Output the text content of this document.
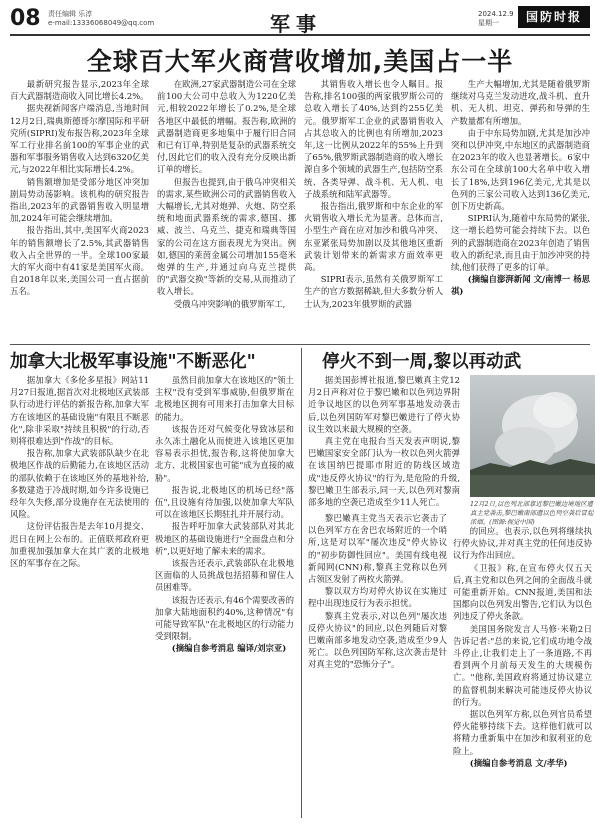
08 责任编辑 乐淳
e-mail:13336068049@qq.com	军事	2024.12.9
星期一	国防时报
全球百大军火商营收增加,美国占一半

最新研究报告显示,2023年全球百大武器制造商收入同比增长4.2%。

据央视新闻客户端消息,当地时间12月2日,瑞典斯德哥尔摩国际和平研究所(SIPRI)发布报告称,2023年全球军工行业排名前100的军事企业的武器和军事服务销售收入达到6320亿美元,与2022年相比实际增长4.2%。

销售额增加是受部分地区冲突加剧局势动荡影响。该机构的研究报告指出,2023年的武器销售收入明显增加,2024年可能会继续增加。

报告指出,其中,美国军火商2023年的销售额增长了2.5%,其武器销售收入占全世界的一半。全球100家最大的军火商中有41家是美国军火商。自2018年以来,美国公司一直占据前五名。

在欧洲,27家武器制造公司在全球前100大公司中总收入为1220亿美元,相较2022年增长了0.2%,是全球各地区中最低的增幅。报告称,欧洲的武器制造商更多地集中于履行旧合同和已有订单,特别是复杂的武器系统交付,因此它们的收入没有充分反映出新订单的增长。

但报告也提到,由于俄乌冲突相关的需求,某些欧洲公司的武器销售收入大幅增长,尤其对炮弹、火炮、防空系统和地面武器系统的需求,德国、挪威、波兰、乌克兰、捷克和瑞典等国家的公司在这方面表现尤为突出。例如,德国的莱茵金属公司增加155毫米炮弹的生产,并通过向乌克兰提供的"武器交换"等新的交易,从而推动了收入增长。

受俄乌冲突影响的俄罗斯军工,

其销售收入增长也令人瞩目。报告称,排名100强的两家俄罗斯公司的总收入增长了40%,达到约255亿美元。俄罗斯军工企业的武器销售收入占其总收入的比例也有所增加,2023年,这一比例从2022年的55%上升到了65%,俄罗斯武器制造商的收入增长源自多个领域的武器生产,包括防空系统、各类导弹、战斗机、无人机、电子战系统和陆军武器等。

报告指出,俄罗斯和中东企业的军火销售收入增长尤为显著。总体而言,小型生产商在应对加沙和俄乌冲突、东亚紧张局势加剧以及其他地区重新武装计划带来的新需求方面效率更高。

SIPRI表示,虽然有关俄罗斯军工生产的官方数据稀缺,但大多数分析人士认为,2023年俄罗斯的武器

生产大幅增加,尤其是随着俄罗斯继续对乌克兰发动进攻,战斗机、直升机、无人机、坦克、弹药和导弹的生产数量都有所增加。

由于中东局势加剧,尤其是加沙冲突和以伊冲突,中东地区的武器制造商在2023年的收入也显著增长。6家中东公司在全球前100大名单中收入增长了18%,达到196亿美元,尤其是以色列的三家公司收入达到136亿美元,创下历史新高。

SIPRI认为,随着中东局势的紧张,这一增长趋势可能会持续下去。以色列的武器制造商在2023年创造了销售收入的新纪录,而且由于加沙冲突的持续,他们获得了更多的订单。

(摘编自澎湃新闻 文/南博一 杨思祺)

加拿大北极军事设施"不断恶化"	停火不到一周,黎以再动武

据加拿大《多伦多星报》网站11月27日报道,据首次对北极地区武装部队行动进行评估的新报告称,加拿大军方在该地区的基础设施"有限且不断恶化",除非采取"持续且积极"的行动,否则将很难达到"作战"的目标。

报告称,加拿大武装部队缺少在北极地区作战的后勤能力,在该地区活动的部队依赖于在该地区外的基地补给,多数建造于冷战时期,如今许多设施已经年久失修,部分设施存在无法使用的风险。

这份评估报告是去年10月提交、迟日在网上公布的。正值联邦政府更加重视加强加拿大在其广袤的北极地区的军事存在之际。

虽然目前加拿大在该地区的"领土主权"没有受到军事威胁,但俄罗斯在北极地区拥有可用来打击加拿大目标的能力。

该报告还对气候变化导致冰层和永久冻土融化从而使进入该地区更加容易表示担忧,报告称,这将使加拿大北方、北极国家也可能"成为直接的威胁"。

报告说,北极地区的机场已经"落伍",且设施有待加强,以使加拿大军队可以在该地区长期驻扎并开展行动。

报告呼吁加拿大武装部队对其北极地区的基础设施进行"全面盘点和分析",以更好地了解未来的需求。

该报告还表示,武装部队在北极地区面临的人员挑战包括招募和留住人员困难等。

该报告还表示,有46个需要改善的加拿大陆地面积约40%,这种情况"有可能导致军队"在北极地区的行动能力受到限制。

(摘编自参考消息 编译/刘宗亚)

据美国彭博社报道,黎巴嫩真主党12月2日声称对位于黎巴嫩和以色列边界附近争议地区的以色列军事基地发动袭击后,以色列国防军对黎巴嫩进行了停火协议生效以来最大规模的空袭。

真主党在电报台当天发表声明说,黎巴嫩国家安全部门认为一枚以色列火箭弹在该国纳巴提耶市附近的防线区域造成"违反停火协议"的行为,是危险的升级,黎巴嫩卫生部表示,同一天,以色列对黎南部多地的空袭已造成至少11人死亡。

黎巴嫩真主党当天表示它袭击了以色列军方在舍巴农场附近的一个哨所,这是对以军"屡次违反"停火协议的"初步防御性回应"。美国有线电视新闻网(CNN)称,黎真主党称以色列占领区发射了两枚火箭弹。

黎以双方均对停火协议在实施过程中出现违反行为表示担忧。

黎真主党表示,对以色列"屡次违反停火协议"的回应,以色列随后对黎巴嫩南部多地发动空袭,造成至少9人死亡。以色列国防军称,这次袭击是针对真主党的"恐怖分子"。

的回应。也表示,以色列将继续执行停火协议,并对真主党的任何违反协议行为作出回应。

《卫报》称,在宣布停火仅五天后,真主党和以色列之间的全面战斗就可能重新开始。CNN报道,美国和法国都向以色列发出警告,它们认为以色列违反了停火条款。

美国国务院发言人马修·米勒2日告诉记者:"总的来说,它们成功地令战斗停止,让我们走上了一条道路,不再看到两个月前每天发生的大规模伤亡。"他称,美国政府将通过协议建立的监督机制来解决可能违反停火协议的行为。

据以色列军方称,以色列官员希望停火能够持续下去。这样他们就可以将精力重新集中在加沙和叙利亚的危险上。

(摘编自参考消息 文/孝华)

12月2日,以色列北部靠近黎巴嫩边境地区遭真主党袭击,黎巴嫩南部遭以色列空袭后冒起浓烟。(图源:视觉中国)
